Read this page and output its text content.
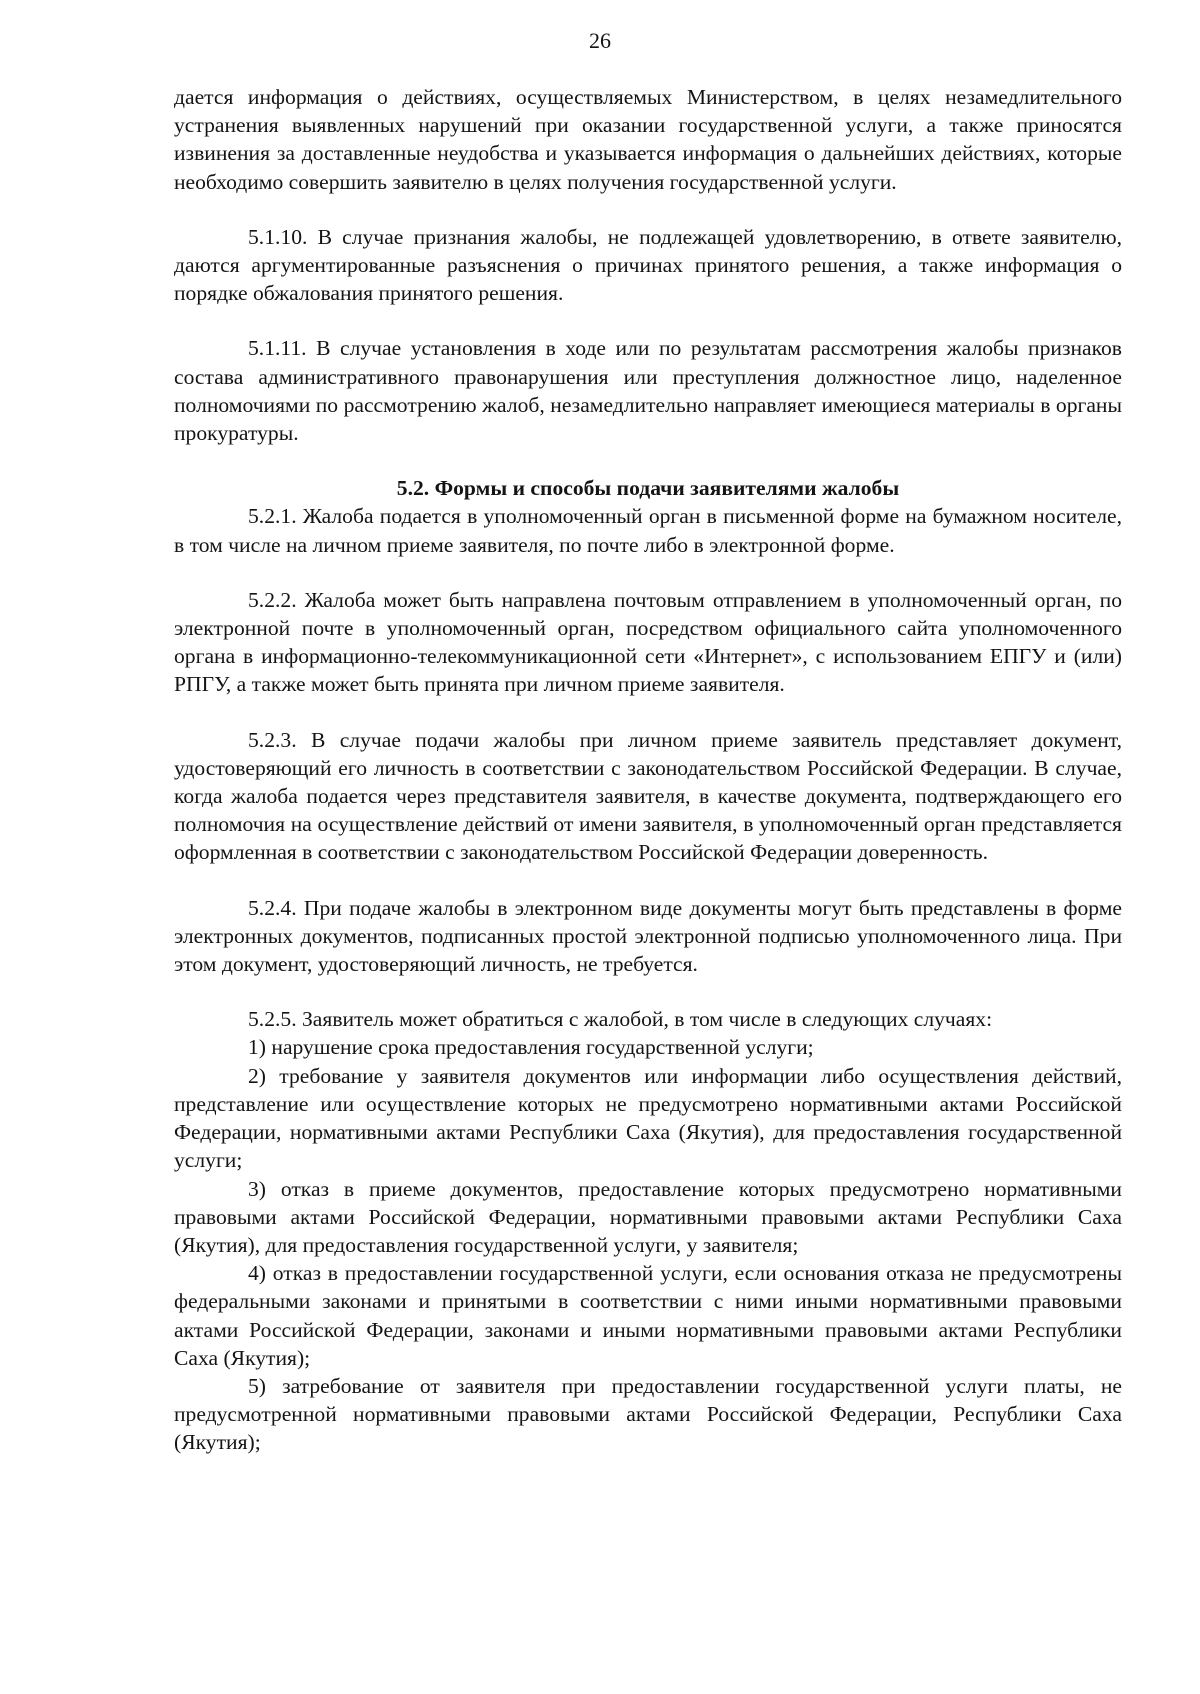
26

дается информация о действиях, осуществляемых Министерством, в целях незамедлительного устранения выявленных нарушений при оказании государственной услуги, а также приносятся извинения за доставленные неудобства и указывается информация о дальнейших действиях, которые необходимо совершить заявителю в целях получения государственной услуги.

5.1.10. В случае признания жалобы, не подлежащей удовлетворению, в ответе заявителю, даются аргументированные разъяснения о причинах принятого решения, а также информация о порядке обжалования принятого решения.

5.1.11. В случае установления в ходе или по результатам рассмотрения жалобы признаков состава административного правонарушения или преступления должностное лицо, наделенное полномочиями по рассмотрению жалоб, незамедлительно направляет имеющиеся материалы в органы прокуратуры.

5.2. Формы и способы подачи заявителями жалобы

5.2.1. Жалоба подается в уполномоченный орган в письменной форме на бумажном носителе, в том числе на личном приеме заявителя, по почте либо в электронной форме.

5.2.2. Жалоба может быть направлена почтовым отправлением в уполномоченный орган, по электронной почте в уполномоченный орган, посредством официального сайта уполномоченного органа в информационно-телекоммуникационной сети «Интернет», с использованием ЕПГУ и (или) РПГУ, а также может быть принята при личном приеме заявителя.

5.2.3. В случае подачи жалобы при личном приеме заявитель представляет документ, удостоверяющий его личность в соответствии с законодательством Российской Федерации. В случае, когда жалоба подается через представителя заявителя, в качестве документа, подтверждающего его полномочия на осуществление действий от имени заявителя, в уполномоченный орган представляется оформленная в соответствии с законодательством Российской Федерации доверенность.

5.2.4. При подаче жалобы в электронном виде документы могут быть представлены в форме электронных документов, подписанных простой электронной подписью уполномоченного лица. При этом документ, удостоверяющий личность, не требуется.

5.2.5. Заявитель может обратиться с жалобой, в том числе в следующих случаях:

1) нарушение срока предоставления государственной услуги;

2) требование у заявителя документов или информации либо осуществления действий, представление или осуществление которых не предусмотрено нормативными актами Российской Федерации, нормативными актами Республики Саха (Якутия), для предоставления государственной услуги;

3) отказ в приеме документов, предоставление которых предусмотрено нормативными правовыми актами Российской Федерации, нормативными правовыми актами Республики Саха (Якутия), для предоставления государственной услуги, у заявителя;

4) отказ в предоставлении государственной услуги, если основания отказа не предусмотрены федеральными законами и принятыми в соответствии с ними иными нормативными правовыми актами Российской Федерации, законами и иными нормативными правовыми актами Республики Саха (Якутия);

5) затребование от заявителя при предоставлении государственной услуги платы, не предусмотренной нормативными правовыми актами Российской Федерации, Республики Саха (Якутия);
